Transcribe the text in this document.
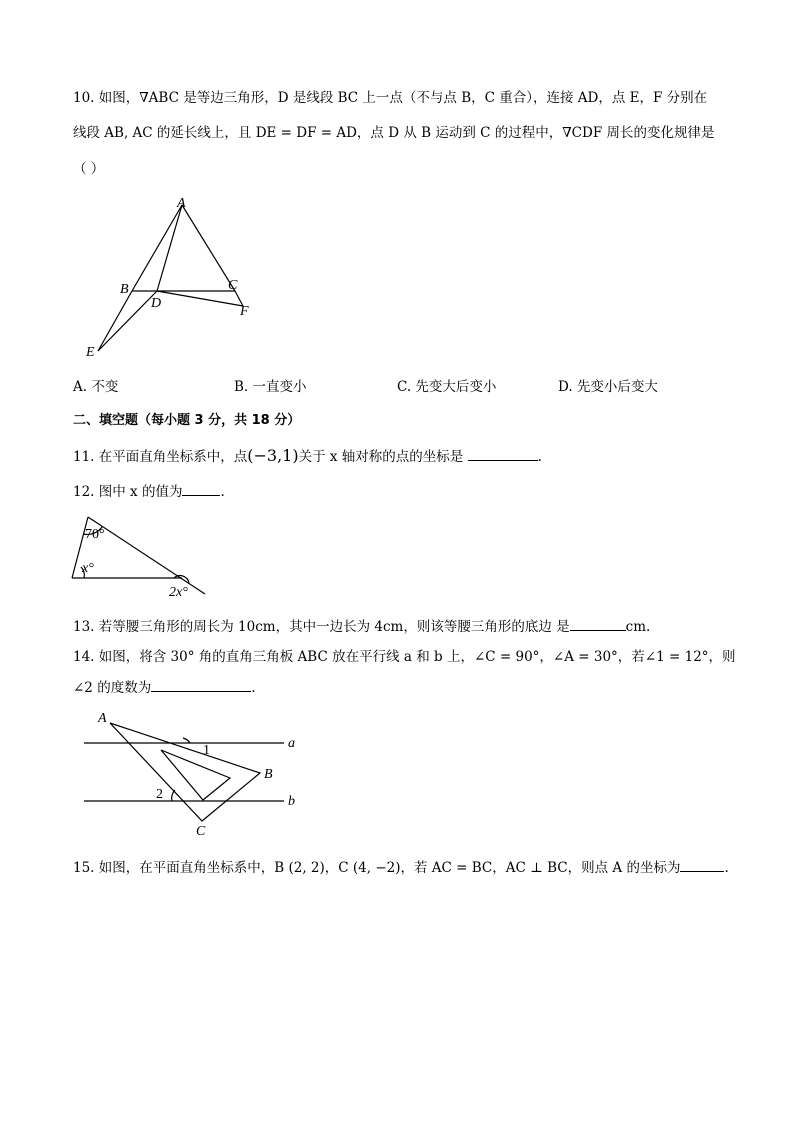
10. 如图，∇ABC 是等边三角形，D 是线段 BC 上一点（不与点 B，C 重合），连接 AD，点 E，F 分别在
线段 AB, AC 的延长线上，且 DE = DF = AD，点 D 从 B 运动到 C 的过程中，∇CDF 周长的变化规律是
（ ）
A
B	C
D
E
F
A. 不变	B. 一直变小	C. 先变大后变小	D. 先变小后变大
二、填空题（每小题 3 分，共 18 分）
11. 在平面直角坐标系中，点(−3,1)关于 x 轴对称的点的坐标是	.
12. 图中 x 的值为	.
70°
x°
2x°
13. 若等腰三角形的周长为 10cm，其中一边长为 4cm，则该等腰三角形的底边 是	cm.
14. 如图，将含 30° 角的直角三角板 ABC 放在平行线 a 和 b 上，∠C = 90°，∠A = 30°，若∠1 = 12°，则
∠2 的度数为	.
A
B
C
1
2
a
b
15. 如图，在平面直角坐标系中，B (2, 2)，C (4, −2)，若 AC = BC，AC ⊥ BC，则点 A 的坐标为	.
